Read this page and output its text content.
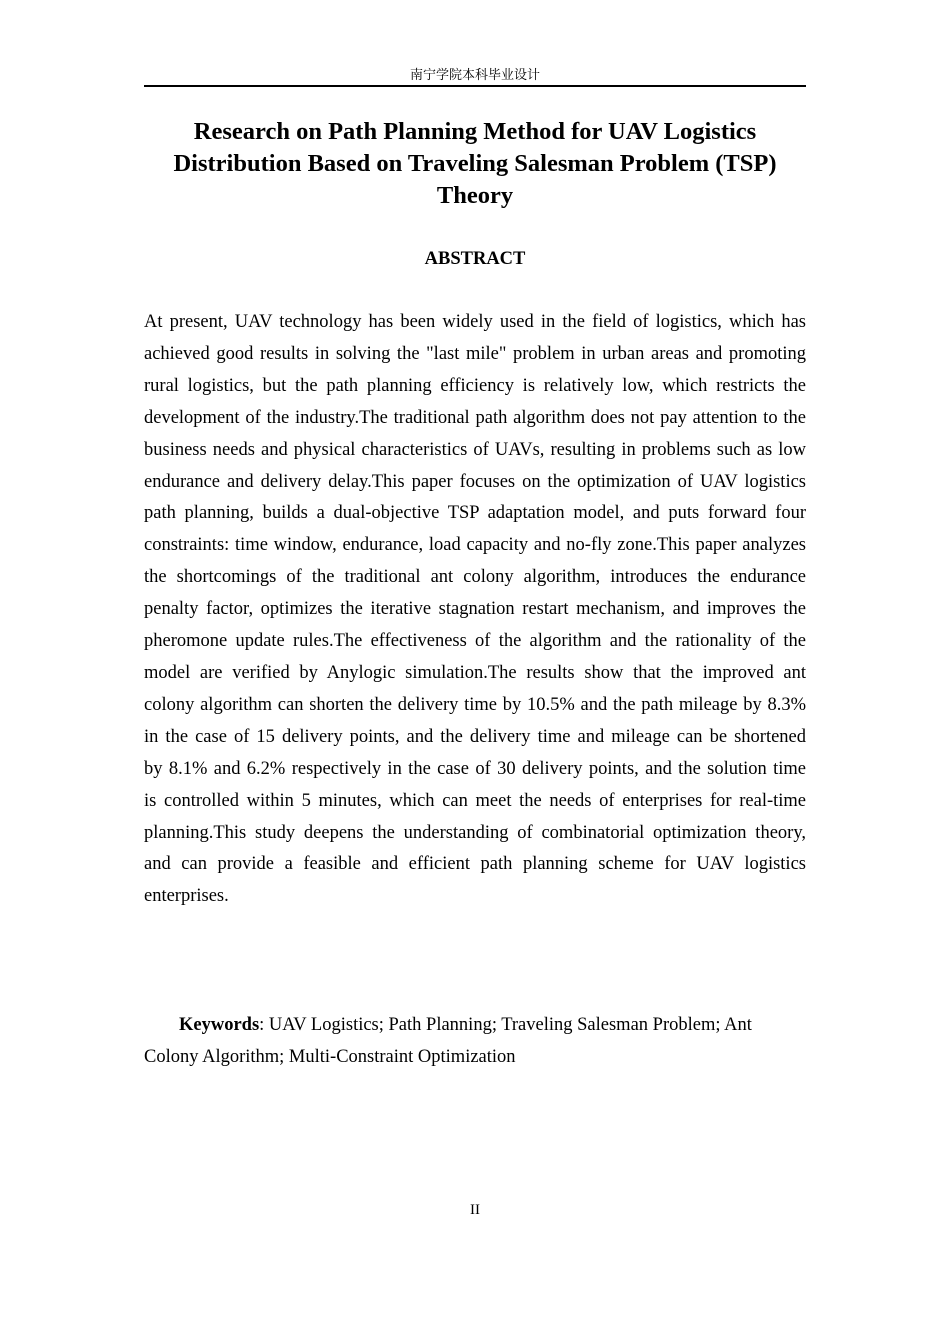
南宁学院本科毕业设计
Research on Path Planning Method for UAV Logistics Distribution Based on Traveling Salesman Problem (TSP) Theory
ABSTRACT

At present, UAV technology has been widely used in the field of logistics, which has achieved good results in solving the "last mile" problem in urban areas and promoting rural logistics, but the path planning efficiency is relatively low, which restricts the development of the industry.The traditional path algorithm does not pay attention to the business needs and physical characteristics of UAVs, resulting in problems such as low endurance and delivery delay.This paper focuses on the optimization of UAV logistics path planning, builds a dual-objective TSP adaptation model, and puts forward four constraints: time window, endurance, load capacity and no-fly zone.This paper analyzes the shortcomings of the traditional ant colony algorithm, introduces the endurance penalty factor, optimizes the iterative stagnation restart mechanism, and improves the pheromone update rules.The effectiveness of the algorithm and the rationality of the model are verified by Anylogic simulation.The results show that the improved ant colony algorithm can shorten the delivery time by 10.5% and the path mileage by 8.3% in the case of 15 delivery points, and the delivery time and mileage can be shortened by 8.1% and 6.2% respectively in the case of 30 delivery points, and the solution time is controlled within 5 minutes, which can meet the needs of enterprises for real-time planning.This study deepens the understanding of combinatorial optimization theory, and can provide a feasible and efficient path planning scheme for UAV logistics enterprises.

Keywords: UAV Logistics; Path Planning; Traveling Salesman Problem; Ant Colony Algorithm; Multi-Constraint Optimization

II
